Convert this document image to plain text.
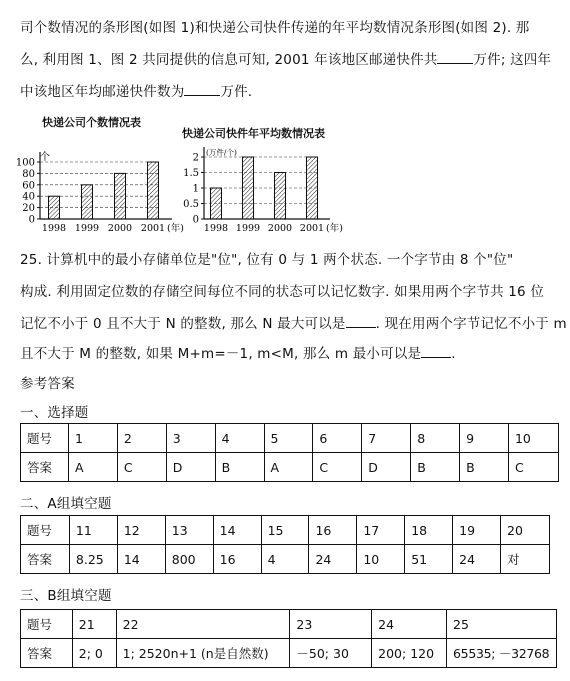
司个数情况的条形图(如图 1)和快递公司快件传递的年平均数情况条形图(如图 2). 那
么, 利用图 1、图 2 共同提供的信息可知, 2001 年该地区邮递快件共	万件; 这四年
中该地区年均邮递快件数为	万件.
快递公司个数情况表
快递公司快件年平均数情况表
100
80
60
40
20
0
个
1998 1999 2000 2001 (年)
2
1.5
1
0.5
0
(万件/个)
1998 1999 2000 2001 (年)
25. 计算机中的最小存储单位是"位", 位有 0 与 1 两个状态. 一个字节由 8 个"位"
构成. 利用固定位数的存储空间每位不同的状态可以记忆数字. 如果用两个字节共 16 位
记忆不小于 0 且不大于 N 的整数, 那么 N 最大可以是 . 现在用两个字节记忆不小于 m
且不大于 M 的整数, 如果 M+m=－1, m<M, 那么 m 最小可以是 .
参考答案
一、选择题
题号	1	2	3	4	5	6	7	8	9	10
答案	A	C	D	B	A	C	D	B	B	C
二、A组填空题
题号	11	12	13	14	15	16	17	18	19	20
答案	8.25	14	800	16	4	24	10	51	24	对
三、B组填空题
题号	21	22	23	24	25
答案	2; 0	1; 2520n+1 (n是自然数)	－50; 30	200; 120	65535; －32768
